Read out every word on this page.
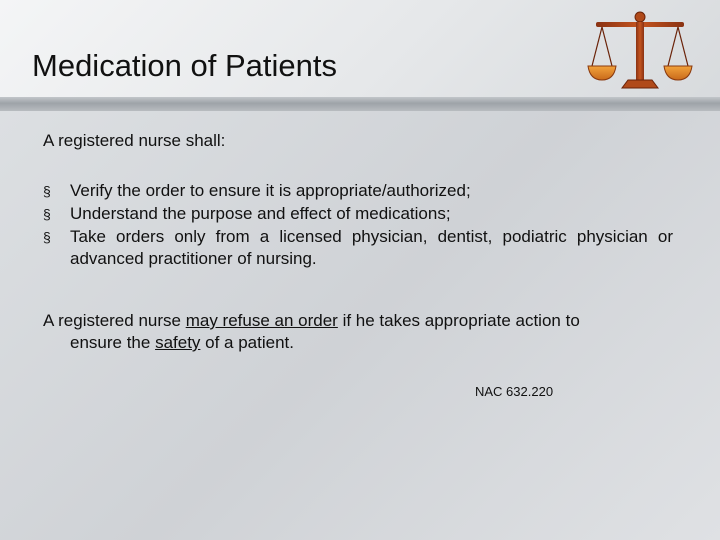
Medication of Patients
A registered nurse shall:
§ Verify the order to ensure it is appropriate/authorized;
§ Understand the purpose and effect of medications;
§ Take orders only from a licensed physician, dentist, podiatric physician or advanced practitioner of nursing.
A registered nurse may refuse an order if he takes appropriate action to
ensure the safety of a patient.
NAC 632.220
